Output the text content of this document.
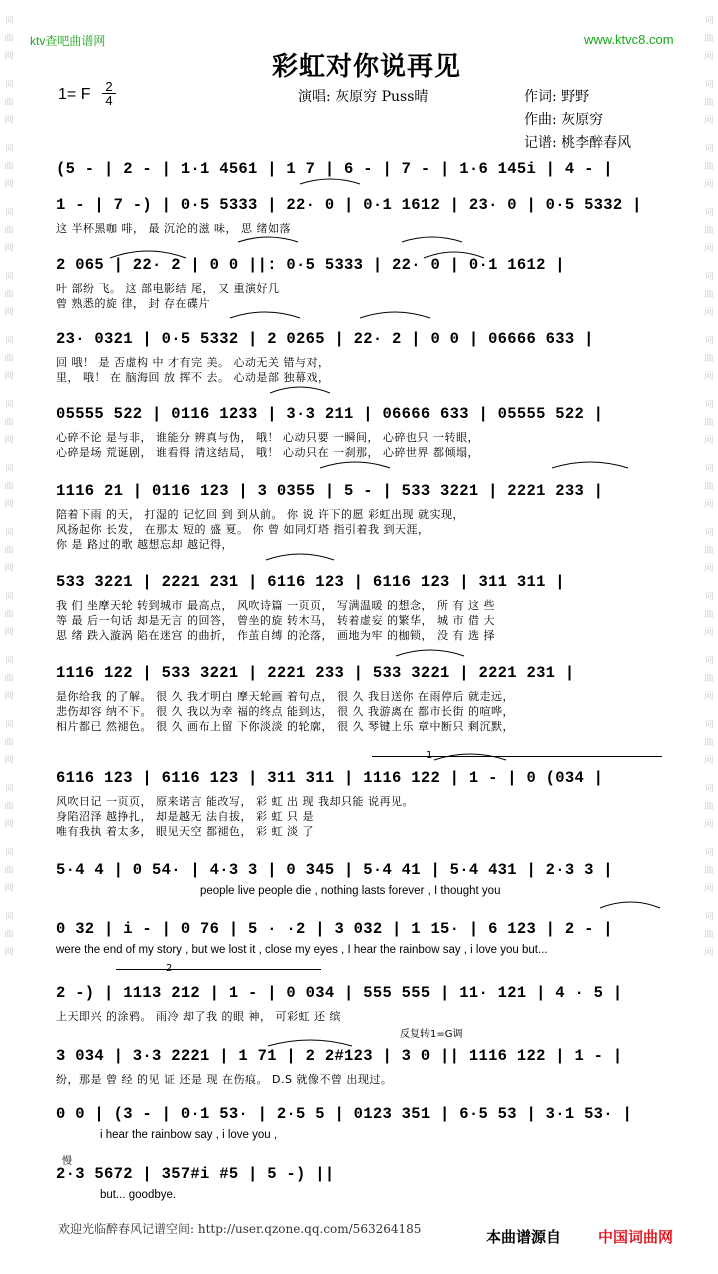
词
曲
网
词
曲
网
词
曲
网
词
曲
网
词
曲
网
词
曲
网
词
曲
网
词
曲
网
词
曲
网
词
曲
网
词
曲
网
词
曲
网
词
曲
网
词
曲
网
词
曲
网
词
曲
网
词
曲
网
词
曲
网
词
曲
网
词
曲
网
词
曲
网
词
曲
网
词
曲
网
词
曲
网
词
曲
网
词
曲
网
词
曲
网
词
曲
网
词
曲
网
词
曲
网
ktv查吧曲谱网	www.ktvc8.com
彩虹对你说再见
1= F 2
4	演唱: 灰原穷 Puss晴	作词: 野野
作曲: 灰原穷
记谱: 桃李醉春风
(5 - | 2 - | 1·1 4561 | 1 7 | 6 - | 7 - | 1·6 145i | 4 - |
1 - | 7 -) | 0·5 5333 | 22· 0 | 0·1 1612 | 23· 0 | 0·5 5332 |
这 半杯黑咖 啡， 最 沉沦的滋 味， 思 绪如落
2 065 | 22· 2 | 0 0 ||: 0·5 5333 | 22· 0 | 0·1 1612 |
叶 部纷 飞。 这 部电影结 尾， 又 重演好几
曾 熟悉的旋 律， 封 存在碟片
23· 0321 | 0·5 5332 | 2 0265 | 22· 2 | 0 0 | 06666 633 |
回 哦！ 是 否虚构 中 才有完 美。 心动无关 错与对，
里， 哦！ 在 脑海回 放 挥不 去。 心动是部 独幕戏，
05555 522 | 0116 1233 | 3·3 211 | 06666 633 | 05555 522 |
心碎不论 是与非， 谁能分 辨真与伪， 哦！ 心动只要 一瞬间， 心碎也只 一转眼，
心碎是场 荒诞剧， 谁看得 清这结局， 哦！ 心动只在 一刹那， 心碎世界 都倾塌，
1116 21 | 0116 123 | 3 0355 | 5 - | 533 3221 | 2221 233 |
陪着下雨 的天， 打湿的 记忆回 到 到从前。 你 说 许下的愿 彩虹出现 就实现，
风扬起你 长发， 在那太 短的 盛 夏。 你 曾 如同灯塔 指引着我 到天涯，
你 是 路过的歌 越想忘却 越记得，
533 3221 | 2221 231 | 6116 123 | 6116 123 | 311 311 |
我 们 坐摩天轮 转到城市 最高点， 风吹诗篇 一页页， 写满温暖 的想念， 所 有 这 些
等 最 后一句话 却是无言 的回答， 曾坐的旋 转木马， 转着虚妄 的繁华， 城 市 借 大
思 绪 跌入漩涡 陷在迷宫 的曲折， 作茧自缚 的沦落， 画地为牢 的枷锁， 没 有 选 择
1116 122 | 533 3221 | 2221 233 | 533 3221 | 2221 231 |
是你给我 的了解。 很 久 我才明白 摩天轮画 着句点， 很 久 我目送你 在雨停后 就走远，
悲伤却容 纳不下。 很 久 我以为幸 福的终点 能到达， 很 久 我游离在 都市长街 的喧哗，
相片都已 然褪色。 很 久 画布上留 下你淡淡 的轮廓， 很 久 琴键上乐 章中断只 剩沉默，
6116 123 | 6116 123 | 311 311 | 1116 122 | 1 - | 0 (034 |
风吹日记 一页页， 原来诺言 能改写， 彩 虹 出 现 我却只能 说再见。
身陷沼泽 越挣扎， 却是越无 法自拔， 彩 虹 只 是
唯有我执 着太多， 眼见天空 都褪色， 彩 虹 淡 了
5·4 4 | 0 54· | 4·3 3 | 0 345 | 5·4 41 | 5·4 431 | 2·3 3 |
people live people die , nothing lasts forever , I thought you
0 32 | i - | 0 76 | 5 · ·2 | 3 032 | 1 15· | 6 123 | 2 - |
were the end of my story , but we lost it , close my eyes , I hear the rainbow say , i love you but...
2 -) | 1113 212 | 1 - | 0 034 | 555 555 | 11· 121 | 4 · 5 |
上天即兴 的涂鸦。 雨冷 却了我 的眼 神， 可彩虹 还 缤
3 034 | 3·3 2221 | 1 71 | 2 2#123 | 3 0 || 1116 122 | 1 - |
纷，那是 曾 经 的见 证 还是 现 在伤痕。 D.S 就像不曾 出现过。
0 0 | (3 - | 0·1 53· | 2·5 5 | 0123 351 | 6·5 53 | 3·1 53· |
i hear the rainbow say , i love you ,
2·3 5672 | 357#i #5 | 5 -) ||
but... goodbye.
1
2
反复转1=G调
慢
欢迎光临醉春风记谱空间: http://user.qzone.qq.com/563264185	本曲谱源自 中国词曲网
